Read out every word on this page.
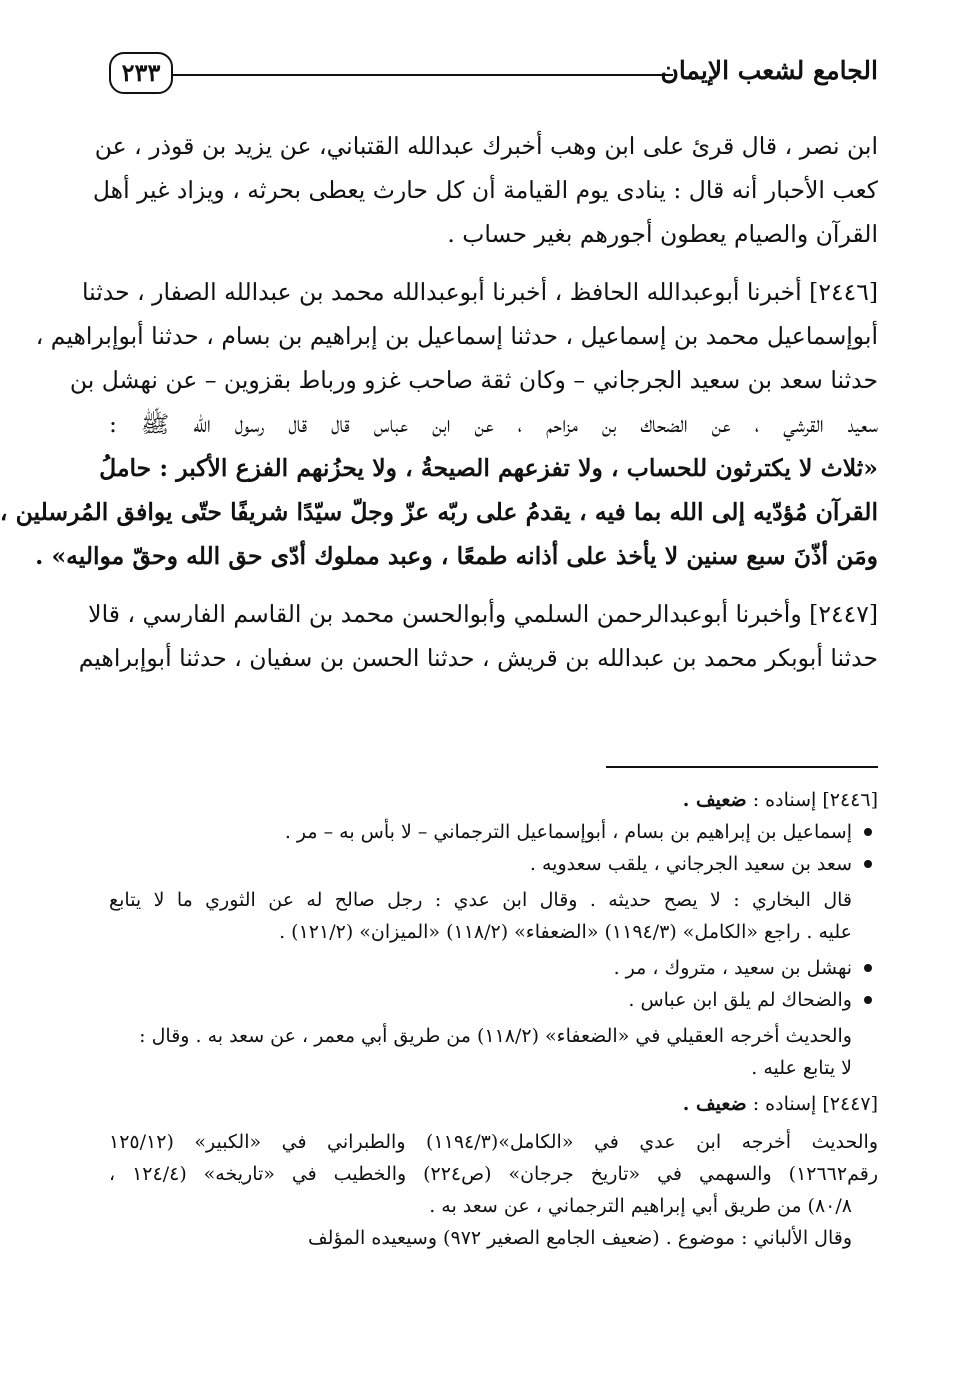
الجامع لشعب الإيمان
٢٣٣

ابن نصر ، قال قرئ على ابن وهب أخبرك عبدالله القتباني، عن يزيد بن قوذر ، عن
كعب الأحبار أنه قال : ينادى يوم القيامة أن كل حارث يعطى بحرثه ، ويزاد غير أهل
القرآن والصيام يعطون أجورهم بغير حساب .

[٢٤٤٦] أخبرنا أبوعبدالله الحافظ ، أخبرنا أبوعبدالله محمد بن عبدالله الصفار ، حدثنا
أبوإسماعيل محمد بن إسماعيل ، حدثنا إسماعيل بن إبراهيم بن بسام ، حدثنا أبوإبراهيم ،
حدثنا سعد بن سعيد الجرجاني – وكان ثقة صاحب غزو ورباط بقزوين – عن نهشل بن
سعيد القرشي ، عن الضحاك بن مزاحم ، عن ابن عباس قال قال رسول الله ﷺ :
«ثلاث لا يكترثون للحساب ، ولا تفزعهم الصيحةُ ، ولا يحزُنهم الفزع الأكبر : حاملُ
القرآن مُؤدّيه إلى الله بما فيه ، يقدمُ على ربّه عزّ وجلّ سيّدًا شريفًا حتّى يوافق المُرسلين ،
ومَن أذّنَ سبع سنين لا يأخذ على أذانه طمعًا ، وعبد مملوك أدّى حق الله وحقّ مواليه» .

[٢٤٤٧] وأخبرنا أبوعبدالرحمن السلمي وأبوالحسن محمد بن القاسم الفارسي ، قالا
حدثنا أبوبكر محمد بن عبدالله بن قريش ، حدثنا الحسن بن سفيان ، حدثنا أبوإبراهيم

[٢٤٤٦] إسناده : ضعيف .
إسماعيل بن إبراهيم بن بسام ، أبوإسماعيل الترجماني – لا بأس به – مر .
سعد بن سعيد الجرجاني ، يلقب سعدويه .
قال البخاري : لا يصح حديثه . وقال ابن عدي : رجل صالح له عن الثوري ما لا يتابع
عليه . راجع «الكامل» (١١٩٤/٣) «الضعفاء» (١١٨/٢) «الميزان» (١٢١/٢) .
نهشل بن سعيد ، متروك ، مر .
والضحاك لم يلق ابن عباس .
والحديث أخرجه العقيلي في «الضعفاء» (١١٨/٢) من طريق أبي معمر ، عن سعد به . وقال :
لا يتابع عليه .
[٢٤٤٧] إسناده : ضعيف .
والحديث أخرجه ابن عدي في «الكامل»(١١٩٤/٣) والطبراني في «الكبير» (١٢٥/١٢
رقم١٢٦٦٢) والسهمي في «تاريخ جرجان» (ص٢٢٤) والخطيب في «تاريخه» (١٢٤/٤ ،
٨٠/٨) من طريق أبي إبراهيم الترجماني ، عن سعد به .
وقال الألباني : موضوع . (ضعيف الجامع الصغير ٩٧٢) وسيعيده المؤلف
